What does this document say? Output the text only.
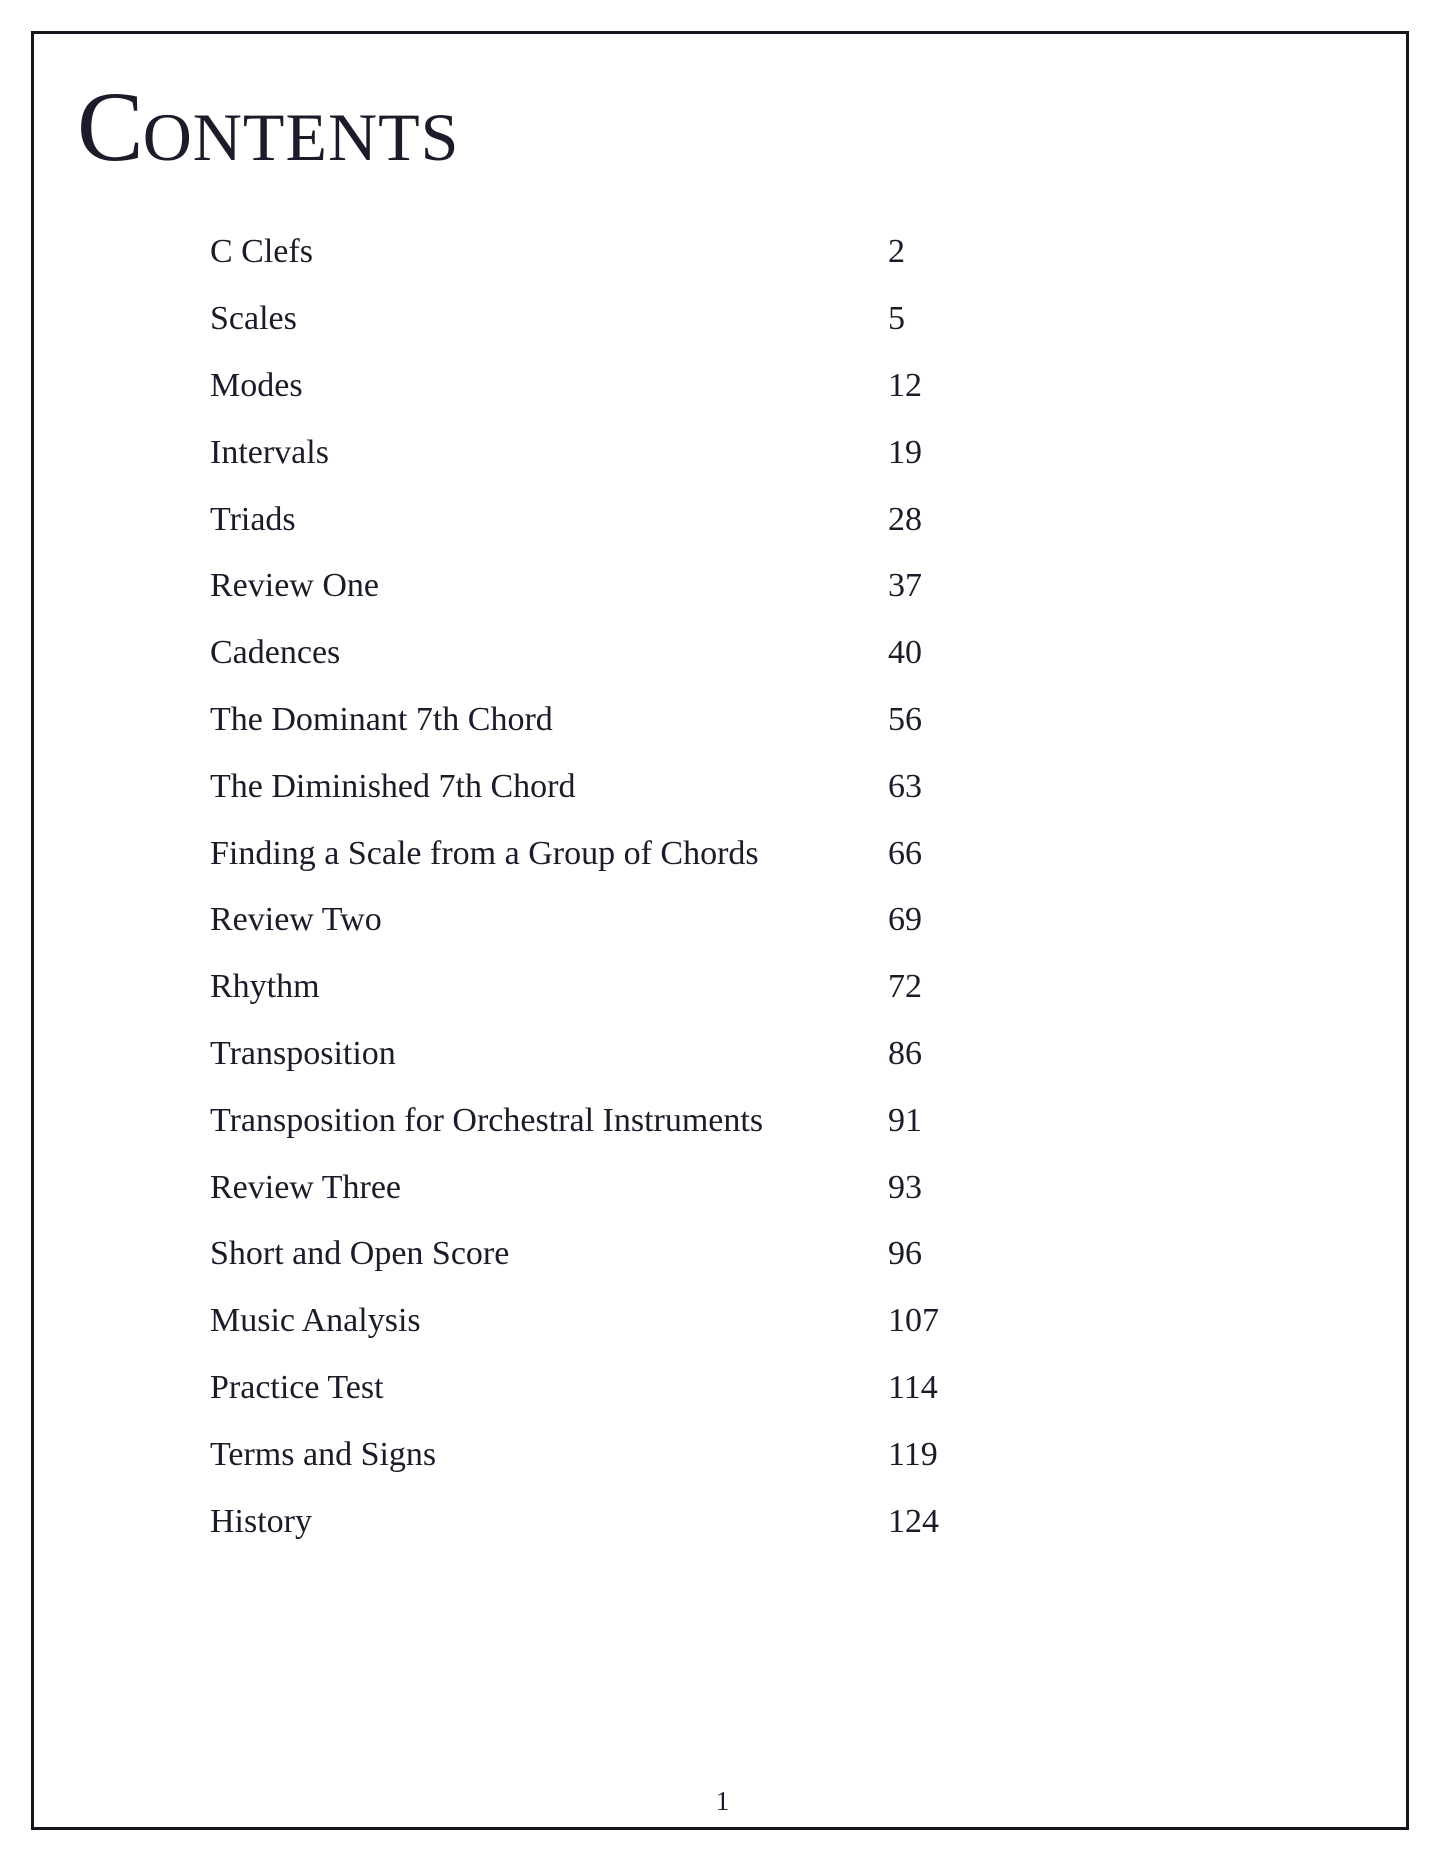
C ONTENTS
C Clefs	2
Scales	5
Modes	12
Intervals	19
Triads	28
Review One	37
Cadences	40
The Dominant 7th Chord	56
The Diminished 7th Chord	63
Finding a Scale from a Group of Chords	66
Review Two	69
Rhythm	72
Transposition	86
Transposition for Orchestral Instruments	91
Review Three	93
Short and Open Score	96
Music Analysis	107
Practice Test	114
Terms and Signs	119
History	124
1
